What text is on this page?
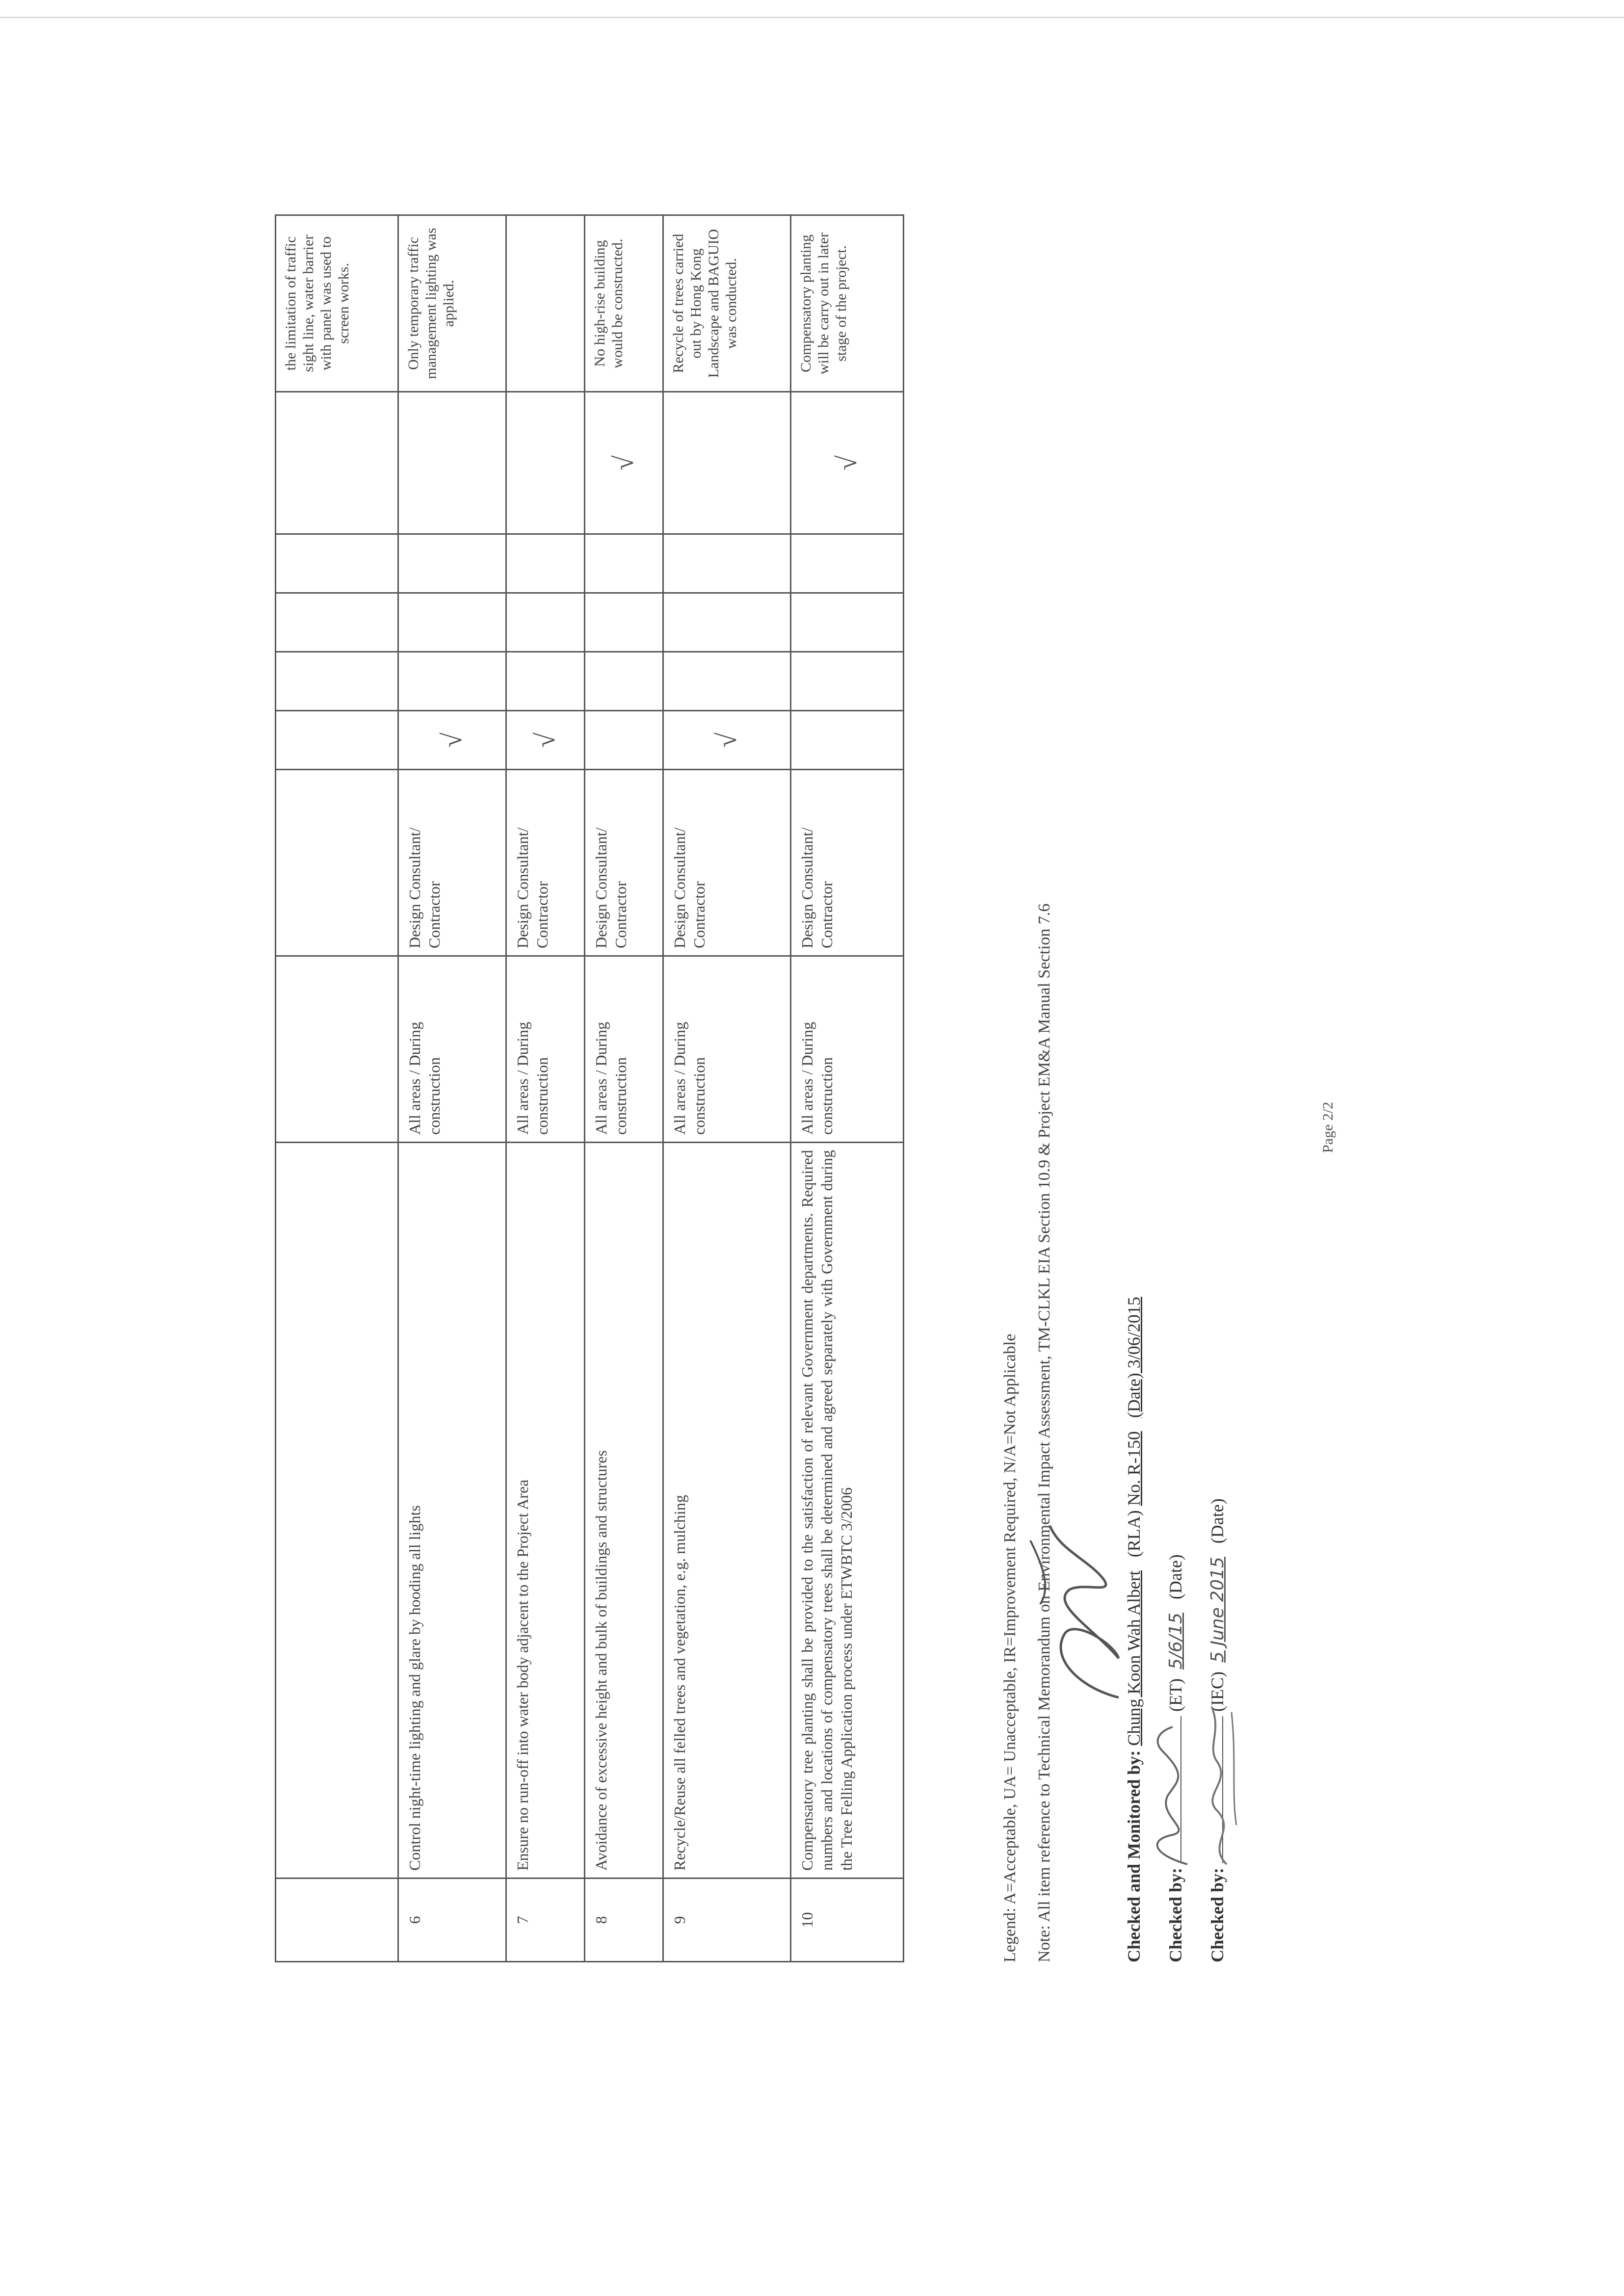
									the limitation of traffic sight line, water barrier with panel was used to screen works.
6	Control night-time lighting and glare by hooding all lights	All areas / During construction	Design Consultant/ Contractor	√					Only temporary traffic management lighting was applied.
7	Ensure no run-off into water body adjacent to the Project Area	All areas / During construction	Design Consultant/ Contractor	√					
8	Avoidance of excessive height and bulk of buildings and structures	All areas / During construction	Design Consultant/ Contractor					√	No high-rise building would be constructed.
9	Recycle/Reuse all felled trees and vegetation, e.g. mulching	All areas / During construction	Design Consultant/ Contractor	√					Recycle of trees carried out by Hong Kong Landscape and BAGUIO was conducted.
10	Compensatory tree planting shall be provided to the satisfaction of relevant Government departments. Required numbers and locations of compensatory trees shall be determined and agreed separately with Government during the Tree Felling Application process under ETWBTC 3/2006	All areas / During construction	Design Consultant/ Contractor					√	Compensatory planting will be carry out in later stage of the project.
Legend: A=Acceptable, UA= Unacceptable, IR=Improvement Required, N/A=Not Applicable Note: All item reference to Technical Memorandum on Environmental Impact Assessment, TM-CLKL EIA Section 10.9 & Project EM&A Manual Section 7.6	Checked and Monitored by: Chung Koon Wah Albert   (RLA) No. R-150   (Date) 3/06/2015
Checked by:  (ET)  5/6/15   (Date)
Checked by:  (IEC)  5 June 2015   (Date)
Page 2/2
